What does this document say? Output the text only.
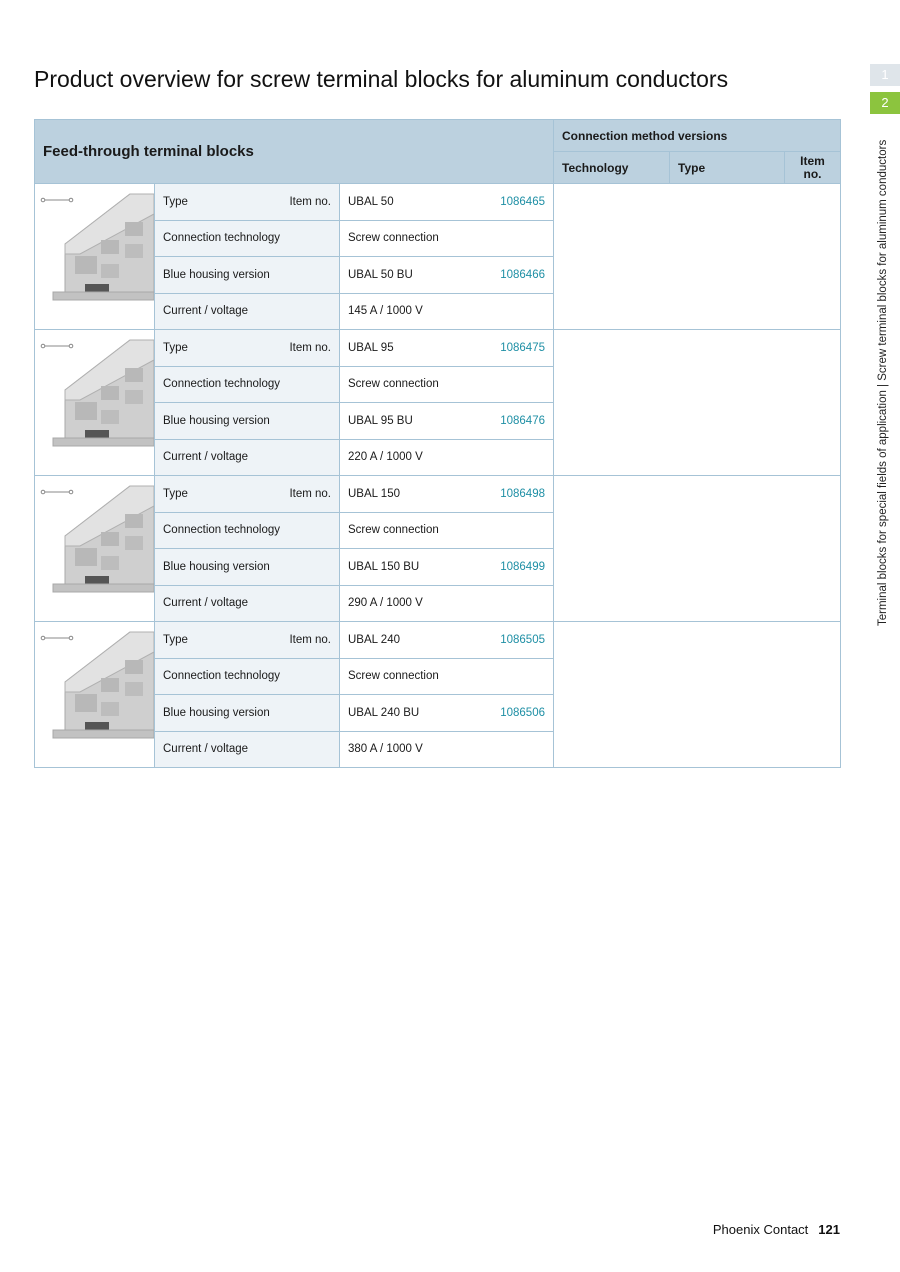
Product overview for screw terminal blocks for aluminum conductors	1
2
Terminal blocks for special fields of application | Screw terminal blocks for aluminum conductors
Feed-through terminal blocks			Connection method versions		
			Technology	Type	Item no.

Type Item no.	UBAL 50 1086465			

	Connection technology	Screw connection			
	Blue housing version	UBAL 50 BU 1086466			

	Current / voltage	145 A / 1000 V			

Type Item no.	UBAL 95 1086475			

	Connection technology	Screw connection			
	Blue housing version	UBAL 95 BU 1086476			

	Current / voltage	220 A / 1000 V			

Type Item no.	UBAL 150 1086498			

	Connection technology	Screw connection			
	Blue housing version	UBAL 150 BU 1086499			

	Current / voltage	290 A / 1000 V			

Type Item no.	UBAL 240 1086505			

	Connection technology	Screw connection			
	Blue housing version	UBAL 240 BU 1086506			

	Current / voltage	380 A / 1000 V			
Phoenix Contact 121
